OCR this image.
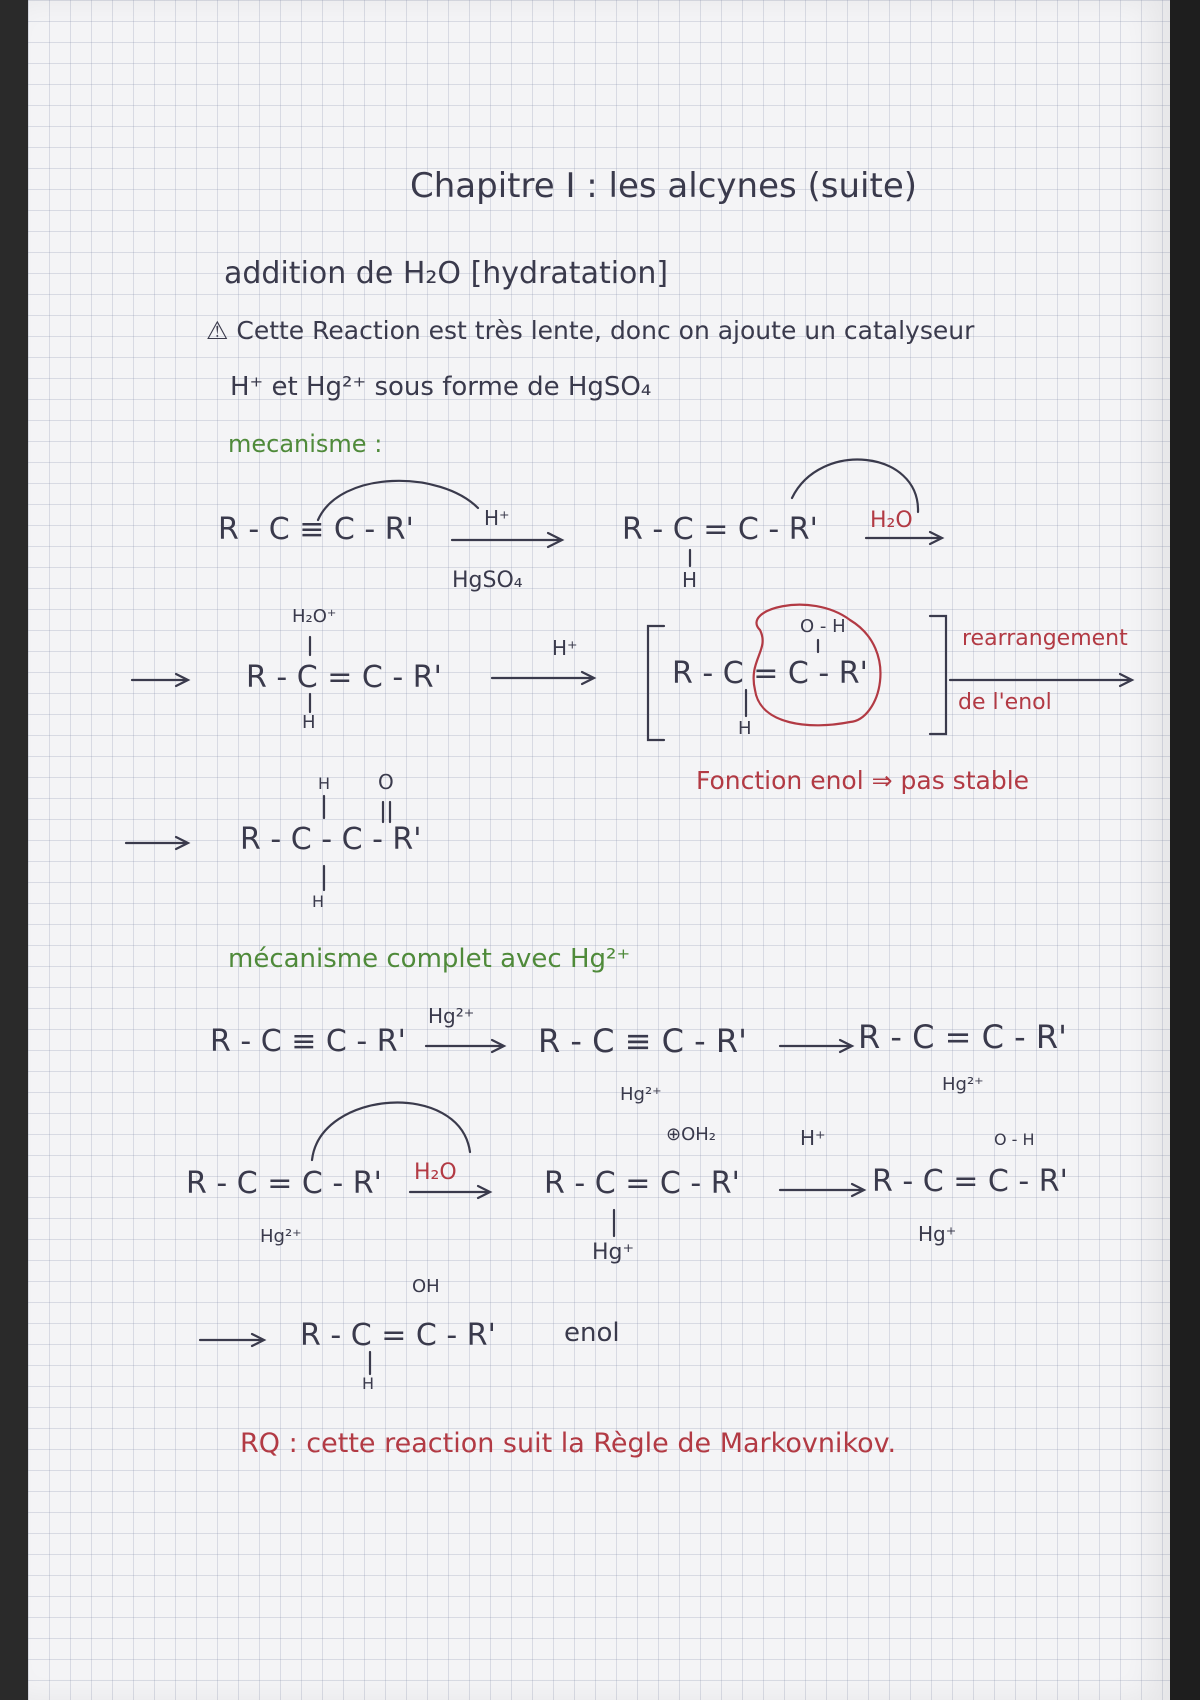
Chapitre I : les alcynes (suite)
addition de H₂O [hydratation]
⚠ Cette Reaction est très lente, donc on ajoute un catalyseur
H⁺ et Hg²⁺ sous forme de HgSO₄
mecanisme :
R - C ≡ C - R'	H⁺
HgSO₄
R - C = C - R'
H
H₂O
H₂O⁺
R - C = C - R'
H
H⁺
R - C = C - R'
O - H
H
rearrangement
de l'enol
Fonction enol ⇒ pas stable
H O
R - C - C - R'
H
mécanisme complet avec Hg²⁺
R - C ≡ C - R'
Hg²⁺
R - C ≡ C - R'
Hg²⁺
R - C = C - R'
Hg²⁺
R - C = C - R'
Hg²⁺
H₂O
⊕OH₂
R - C = C - R'
Hg⁺
H⁺	O - H
R - C = C - R'
Hg⁺
OH
R - C = C - R'
H
enol
RQ : cette reaction suit la Règle de Markovnikov.
